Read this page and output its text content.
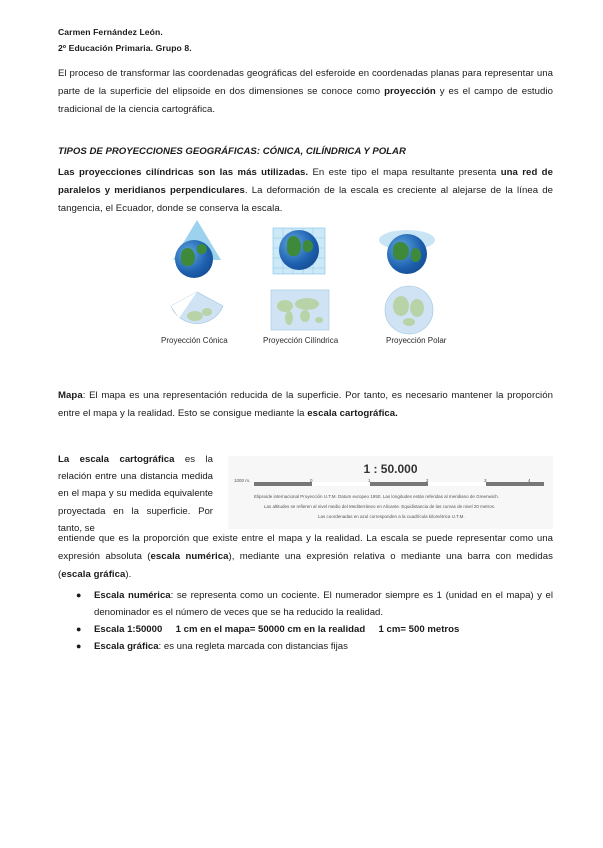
Carmen Fernández León.
2º Educación Primaria. Grupo 8.
El proceso de transformar las coordenadas geográficas del esferoide en coordenadas planas para representar una parte de la superficie del elipsoide en dos dimensiones se conoce como proyección y es el campo de estudio tradicional de la ciencia cartográfica.
TIPOS DE PROYECCIONES GEOGRÁFICAS: CÓNICA, CILÍNDRICA Y POLAR
Las proyecciones cilíndricas son las más utilizadas. En este tipo el mapa resultante presenta una red de paralelos y meridianos perpendiculares. La deformación de la escala es creciente al alejarse de la línea de tangencia, el Ecuador, donde se conserva la escala.
Proyección Cónica	Proyección Cilíndrica	Proyección Polar
Mapa: El mapa es una representación reducida de la superficie. Por tanto, es necesario mantener la proporción entre el mapa y la realidad. Esto se consigue mediante la escala cartográfica.
La escala cartográfica es la relación entre una distancia medida en el mapa y su medida equivalente proyectada en la superficie. Por tanto, se
1 : 50.000
1000 m.	0	1	2	3	4
Elipsoide internacional Proyección U.T.M. Datum europeo 1950. Las longitudes están referidas al meridiano de Greenwich.
Las altitudes se refieren al nivel medio del Mediterráneo en Alicante. Equidistancia de las curvas de nivel 20 metros.
Las coordenadas en azul corresponden a la cuadrícula kilométrica U.T.M.
entiende que es la proporción que existe entre el mapa y la realidad. La escala se puede representar como una expresión absoluta (escala numérica), mediante una expresión relativa o mediante una barra con medidas (escala gráfica).
● Escala numérica: se representa como un cociente. El numerador siempre es 1 (unidad en el mapa) y el denominador es el número de veces que se ha reducido la realidad.
● Escala 1:50000     1 cm en el mapa= 50000 cm en la realidad     1 cm= 500 metros
● Escala gráfica: es una regleta marcada con distancias fijas
